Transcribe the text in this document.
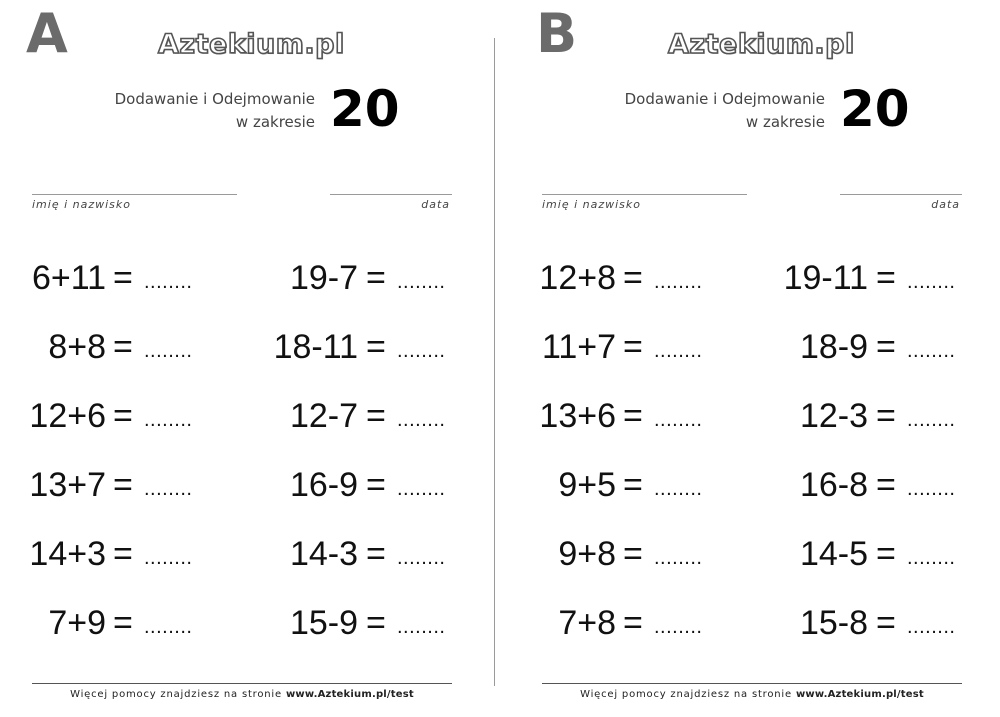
A	Aztekium.pl
Dodawanie i Odejmowanie
w zakresie 20
imię i nazwisko	data
6+11 = ........
8+8 = ........
12+6 = ........
13+7 = ........
14+3 = ........
7+9 = ........
19-7 = ........
18-11 = ........
12-7 = ........
16-9 = ........
14-3 = ........
15-9 = ........
Więcej pomocy znajdziesz na stronie www.Aztekium.pl/test
B	Aztekium.pl
Dodawanie i Odejmowanie
w zakresie 20
imię i nazwisko	data
12+8 = ........
11+7 = ........
13+6 = ........
9+5 = ........
9+8 = ........
7+8 = ........
19-11 = ........
18-9 = ........
12-3 = ........
16-8 = ........
14-5 = ........
15-8 = ........
Więcej pomocy znajdziesz na stronie www.Aztekium.pl/test
